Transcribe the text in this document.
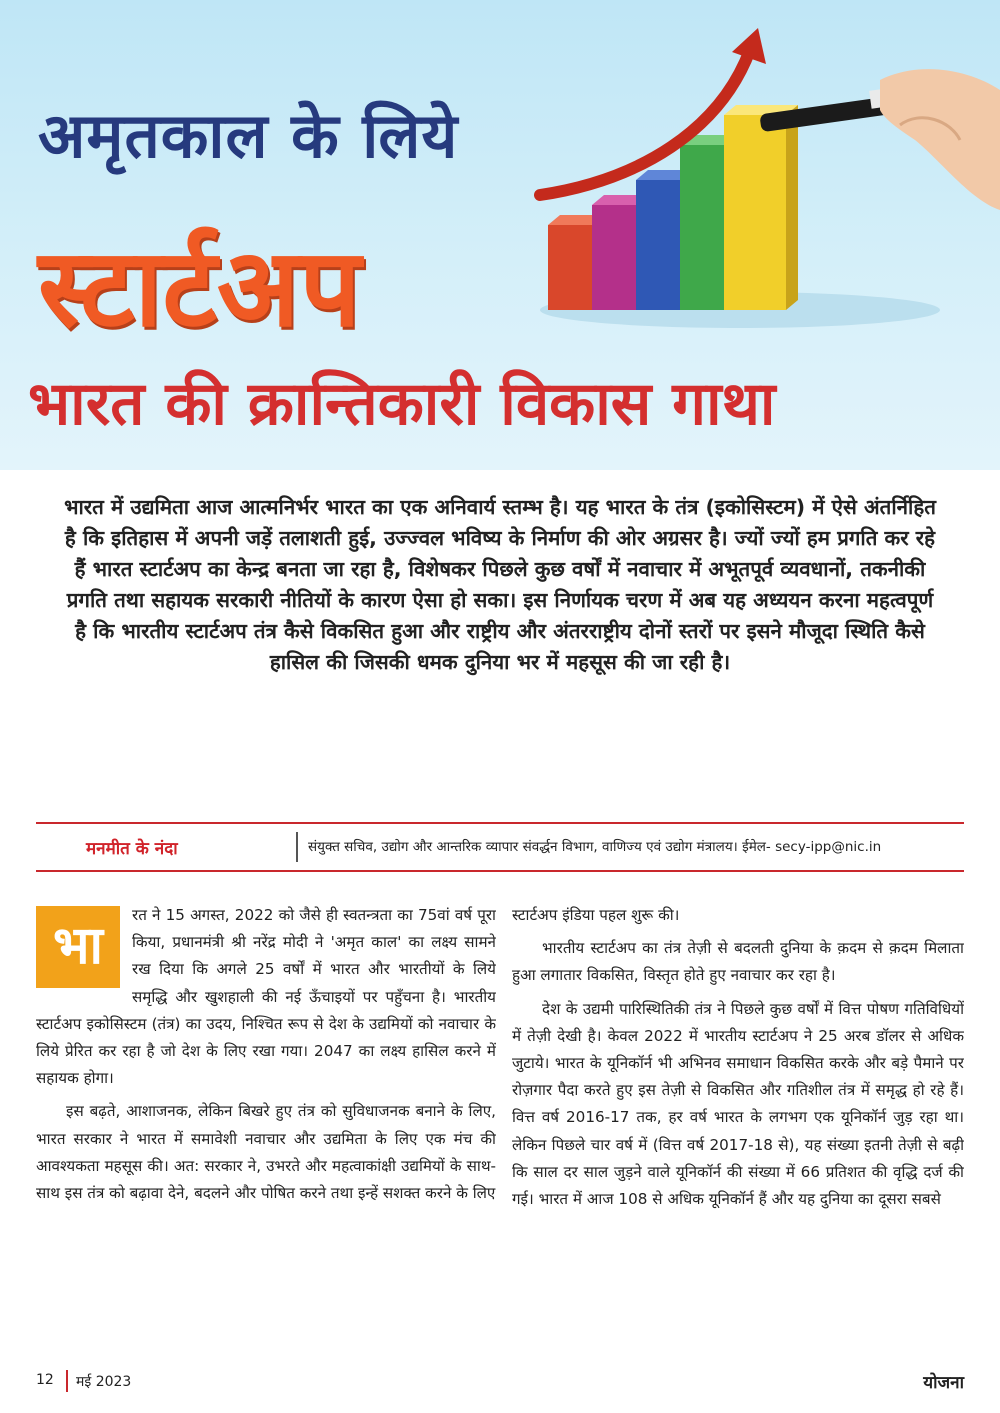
अमृतकाल के लिये
स्टार्टअप
भारत की क्रान्तिकारी विकास गाथा

भारत में उद्यमिता आज आत्मनिर्भर भारत का एक अनिवार्य स्तम्भ है। यह भारत के तंत्र (इकोसिस्टम) में ऐसे अंतर्निहित है कि इतिहास में अपनी जड़ें तलाशती हुई, उज्ज्वल भविष्य के निर्माण की ओर अग्रसर है। ज्यों ज्यों हम प्रगति कर रहे हैं भारत स्टार्टअप का केन्द्र बनता जा रहा है, विशेषकर पिछले कुछ वर्षों में नवाचार में अभूतपूर्व व्यवधानों, तकनीकी प्रगति तथा सहायक सरकारी नीतियों के कारण ऐसा हो सका। इस निर्णायक चरण में अब यह अध्ययन करना महत्वपूर्ण है कि भारतीय स्टार्टअप तंत्र कैसे विकसित हुआ और राष्ट्रीय और अंतरराष्ट्रीय दोनों स्तरों पर इसने मौजूदा स्थिति कैसे हासिल की जिसकी धमक दुनिया भर में महसूस की जा रही है।

मनमीत के नंदा	संयुक्त सचिव, उद्योग और आन्तरिक व्यापार संवर्द्धन विभाग, वाणिज्य एवं उद्योग मंत्रालय। ईमेल- secy-ipp@nic.in
भा

रत ने 15 अगस्त, 2022 को जैसे ही स्वतन्त्रता का 75वां वर्ष पूरा किया, प्रधानमंत्री श्री नरेंद्र मोदी ने 'अमृत काल' का लक्ष्य सामने रख दिया कि अगले 25 वर्षों में भारत और भारतीयों के लिये समृद्धि और खुशहाली की नई ऊँचाइयों पर पहुँचना है। भारतीय स्टार्टअप इकोसिस्टम (तंत्र) का उदय, निश्चित रूप से देश के उद्यमियों को नवाचार के लिये प्रेरित कर रहा है जो देश के लिए रखा गया। 2047 का लक्ष्य हासिल करने में सहायक होगा।

इस बढ़ते, आशाजनक, लेकिन बिखरे हुए तंत्र को सुविधाजनक बनाने के लिए, भारत सरकार ने भारत में समावेशी नवाचार और उद्यमिता के लिए एक मंच की आवश्यकता महसूस की। अत: सरकार ने, उभरते और महत्वाकांक्षी उद्यमियों के साथ-साथ इस तंत्र को बढ़ावा देने, बदलने और पोषित करने तथा इन्हें सशक्त करने के लिए

स्टार्टअप इंडिया पहल शुरू की।

भारतीय स्टार्टअप का तंत्र तेज़ी से बदलती दुनिया के क़दम से क़दम मिलाता हुआ लगातार विकसित, विस्तृत होते हुए नवाचार कर रहा है।

देश के उद्यमी पारिस्थितिकी तंत्र ने पिछले कुछ वर्षों में वित्त पोषण गतिविधियों में तेज़ी देखी है। केवल 2022 में भारतीय स्टार्टअप ने 25 अरब डॉलर से अधिक जुटाये। भारत के यूनिकॉर्न भी अभिनव समाधान विकसित करके और बड़े पैमाने पर रोज़गार पैदा करते हुए इस तेज़ी से विकसित और गतिशील तंत्र में समृद्ध हो रहे हैं। वित्त वर्ष 2016-17 तक, हर वर्ष भारत के लगभग एक यूनिकॉर्न जुड़ रहा था। लेकिन पिछले चार वर्ष में (वित्त वर्ष 2017-18 से), यह संख्या इतनी तेज़ी से बढ़ी कि साल दर साल जुड़ने वाले यूनिकॉर्न की संख्या में 66 प्रतिशत की वृद्धि दर्ज की गई। भारत में आज 108 से अधिक यूनिकॉर्न हैं और यह दुनिया का दूसरा सबसे

12 मई 2023	योजना
